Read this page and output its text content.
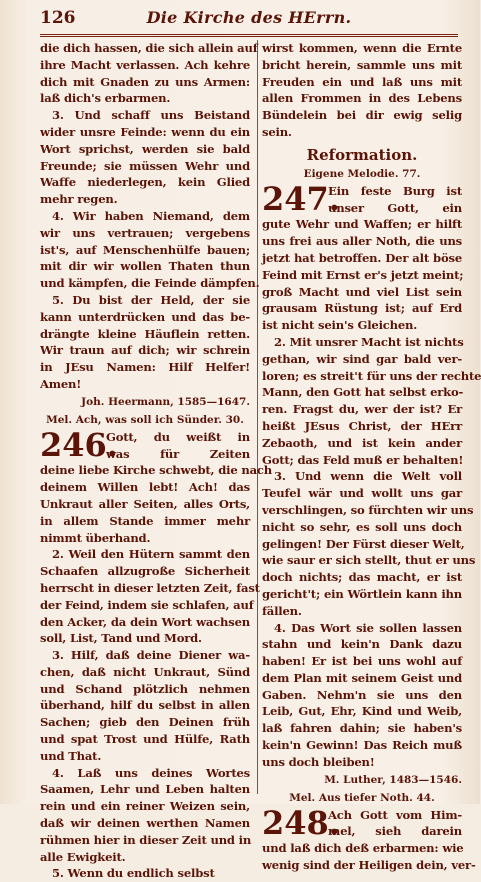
126	Die Kirche des HErrn.
die dich hassen, die sich allein auf
ihre Macht verlassen. Ach kehre
dich mit Gnaden zu uns Armen:
laß dich's erbarmen.
3. Und schaff uns Beistand
wider unsre Feinde: wenn du ein
Wort sprichst, werden sie bald
Freunde; sie müssen Wehr und
Waffe niederlegen, kein Glied
mehr regen.
4. Wir haben Niemand, dem
wir uns vertrauen; vergebens
ist's, auf Menschenhülfe bauen;
mit dir wir wollen Thaten thun
und kämpfen, die Feinde dämpfen.
5. Du bist der Held, der sie
kann unterdrücken und das be-
drängte kleine Häuflein retten.
Wir traun auf dich; wir schrein
in JEsu Namen: Hilf Helfer!
Amen!
Joh. Heermann, 1585—1647.
Mel. Ach, was soll ich Sünder. 30.
246.
Gott, du weißt in
was für Zeiten
deine liebe Kirche schwebt, die nach
deinem Willen lebt! Ach! das
Unkraut aller Seiten, alles Orts,
in allem Stande immer mehr
nimmt überhand.
2. Weil den Hütern sammt den
Schaafen allzugroße Sicherheit
herrscht in dieser letzten Zeit, fast
der Feind, indem sie schlafen, auf
den Acker, da dein Wort wachsen
soll, List, Tand und Mord.
3. Hilf, daß deine Diener wa-
chen, daß nicht Unkraut, Sünd
und Schand plötzlich nehmen
überhand, hilf du selbst in allen
Sachen; gieb den Deinen früh
und spat Trost und Hülfe, Rath
und That.
4. Laß uns deines Wortes
Saamen, Lehr und Leben halten
rein und ein reiner Weizen sein,
daß wir deinen werthen Namen
rühmen hier in dieser Zeit und in
alle Ewigkeit.
5. Wenn du endlich selbst
wirst kommen, wenn die Ernte
bricht herein, sammle uns mit
Freuden ein und laß uns mit
allen Frommen in des Lebens
Bündelein bei dir ewig selig
sein.
Reformation.
Eigene Melodie. 77.
247.
Ein feste Burg ist
unser Gott, ein
gute Wehr und Waffen; er hilft
uns frei aus aller Noth, die uns
jetzt hat betroffen. Der alt böse
Feind mit Ernst er's jetzt meint;
groß Macht und viel List sein
grausam Rüstung ist; auf Erd
ist nicht sein's Gleichen.
2. Mit unsrer Macht ist nichts
gethan, wir sind gar bald ver-
loren; es streit't für uns der rechte
Mann, den Gott hat selbst erko-
ren. Fragst du, wer der ist? Er
heißt JEsus Christ, der HErr
Zebaoth, und ist kein ander
Gott; das Feld muß er behalten!
3. Und wenn die Welt voll
Teufel wär und wollt uns gar
verschlingen, so fürchten wir uns
nicht so sehr, es soll uns doch
gelingen! Der Fürst dieser Welt,
wie saur er sich stellt, thut er uns
doch nichts; das macht, er ist
gericht't; ein Wörtlein kann ihn
fällen.
4. Das Wort sie sollen lassen
stahn und kein'n Dank dazu
haben! Er ist bei uns wohl auf
dem Plan mit seinem Geist und
Gaben. Nehm'n sie uns den
Leib, Gut, Ehr, Kind und Weib,
laß fahren dahin; sie haben's
kein'n Gewinn! Das Reich muß
uns doch bleiben!
M. Luther, 1483—1546.
Mel. Aus tiefer Noth. 44.
248.
Ach Gott vom Him-
mel, sieh darein
und laß dich deß erbarmen: wie
wenig sind der Heiligen dein, ver-
